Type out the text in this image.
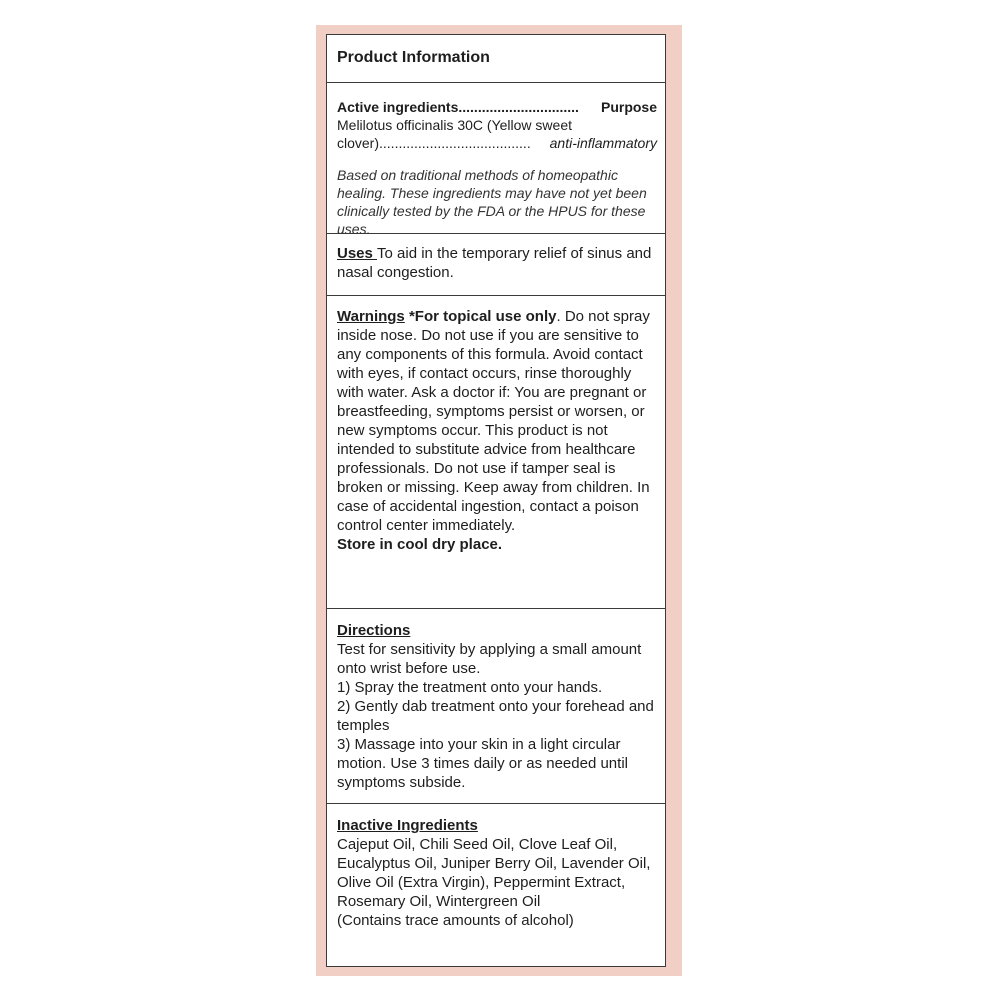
Product Information
Active ingredients............................... Purpose
Melilotus officinalis 30C (Yellow sweet
clover)....................................... anti-inflammatory
Based on traditional methods of homeopathic healing. These ingredients may have not yet been clinically tested by the FDA or the HPUS for these uses.
Uses To aid in the temporary relief of sinus and nasal congestion.
Warnings *For topical use only. Do not spray inside nose. Do not use if you are sensitive to any components of this formula. Avoid contact with eyes, if contact occurs, rinse thoroughly with water. Ask a doctor if: You are pregnant or breastfeeding, symptoms persist or worsen, or new symptoms occur. This product is not intended to substitute advice from healthcare professionals. Do not use if tamper seal is broken or missing. Keep away from children. In case of accidental ingestion, contact a poison control center immediately.
Store in cool dry place.
Directions
Test for sensitivity by applying a small amount onto wrist before use.
1) Spray the treatment onto your hands.
2) Gently dab treatment onto your forehead and temples
3) Massage into your skin in a light circular motion. Use 3 times daily or as needed until symptoms subside.
Inactive Ingredients
Cajeput Oil, Chili Seed Oil, Clove Leaf Oil, Eucalyptus Oil, Juniper Berry Oil, Lavender Oil, Olive Oil (Extra Virgin), Peppermint Extract, Rosemary Oil, Wintergreen Oil
(Contains trace amounts of alcohol)
